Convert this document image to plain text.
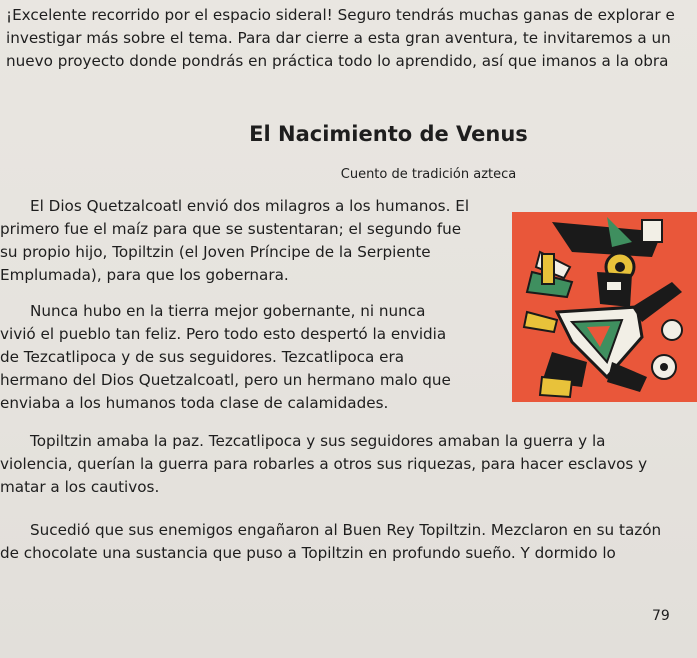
¡Excelente recorrido por el espacio sideral! Seguro tendrás muchas ganas de explorar e

investigar más sobre el tema. Para dar cierre a esta gran aventura, te invitaremos a un

nuevo proyecto donde pondrás en práctica todo lo aprendido, así que imanos a la obra

El Nacimiento de Venus
Cuento de tradición azteca

El Dios Quetzalcoatl envió dos milagros a los humanos. El

primero fue el maíz para que se sustentaran; el segundo fue

su propio hijo, Topiltzin (el Joven Príncipe de la Serpiente

Emplumada), para que los gobernara.

Nunca hubo en la tierra mejor gobernante, ni nunca

vivió el pueblo tan feliz. Pero todo esto despertó la envidia

de Tezcatlipoca y de sus seguidores. Tezcatlipoca era

hermano del Dios Quetzalcoatl, pero un hermano malo que

enviaba a los humanos toda clase de calamidades.

Topiltzin amaba la paz. Tezcatlipoca y sus seguidores amaban la guerra y la

violencia, querían la guerra para robarles a otros sus riquezas, para hacer esclavos y

matar a los cautivos.

Sucedió que sus enemigos engañaron al Buen Rey Topiltzin. Mezclaron en su tazón

de chocolate una sustancia que puso a Topiltzin en profundo sueño. Y dormido lo

79
